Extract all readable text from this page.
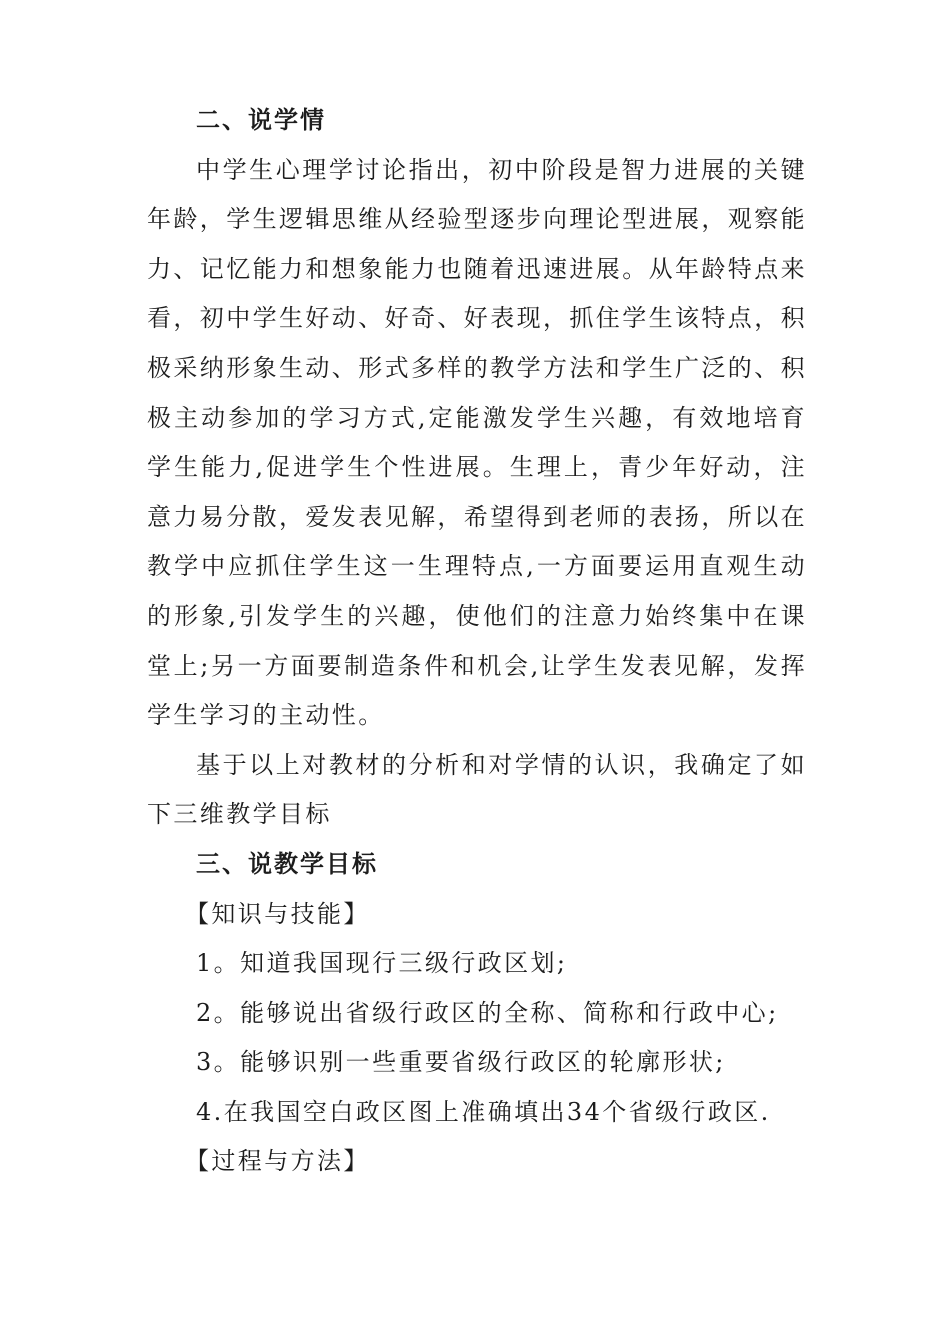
二、说学情

中学生心理学讨论指出，初中阶段是智力进展的关键年龄，学生逻辑思维从经验型逐步向理论型进展，观察能力、记忆能力和想象能力也随着迅速进展。从年龄特点来看，初中学生好动、好奇、好表现，抓住学生该特点，积极采纳形象生动、形式多样的教学方法和学生广泛的、积极主动参加的学习方式,定能激发学生兴趣，有效地培育学生能力,促进学生个性进展。生理上，青少年好动，注意力易分散，爱发表见解，希望得到老师的表扬，所以在教学中应抓住学生这一生理特点,一方面要运用直观生动的形象,引发学生的兴趣，使他们的注意力始终集中在课堂上;另一方面要制造条件和机会,让学生发表见解，发挥学生学习的主动性。

基于以上对教材的分析和对学情的认识，我确定了如下三维教学目标

三、说教学目标

【知识与技能】

1。知道我国现行三级行政区划;

2。能够说出省级行政区的全称、简称和行政中心;

3。能够识别一些重要省级行政区的轮廓形状;

4.在我国空白政区图上准确填出34个省级行政区.

【过程与方法】
